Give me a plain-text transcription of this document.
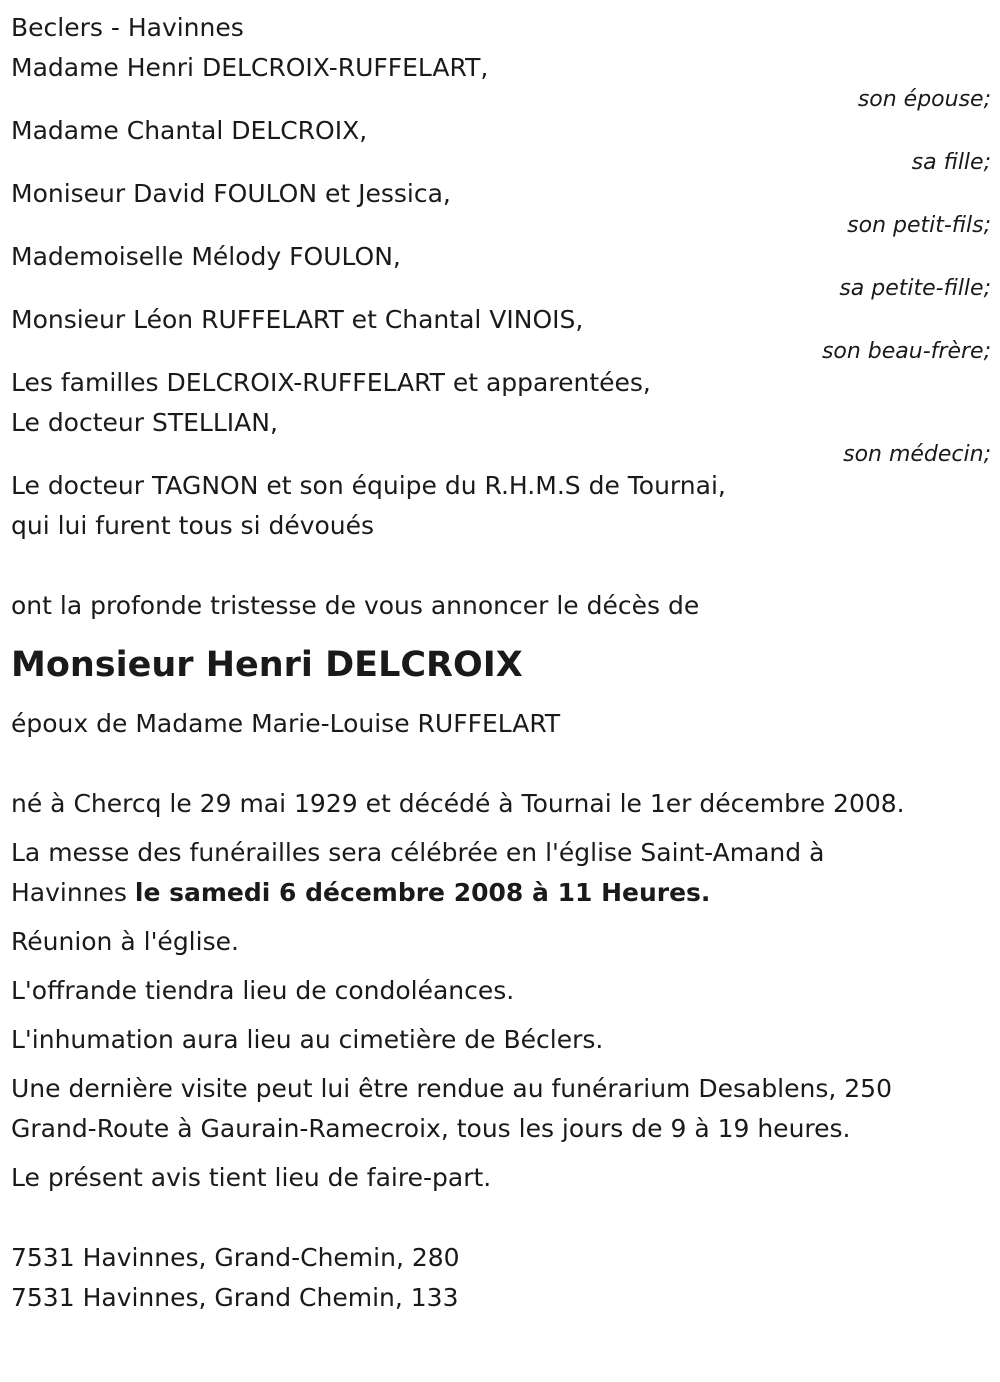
Beclers - Havinnes

Madame Henri DELCROIX-RUFFELART,

son épouse;

Madame Chantal DELCROIX,

sa fille;

Moniseur David FOULON et Jessica,

son petit-fils;

Mademoiselle Mélody FOULON,

sa petite-fille;

Monsieur Léon RUFFELART et Chantal VINOIS,

son beau-frère;

Les familles DELCROIX-RUFFELART et apparentées,

Le docteur STELLIAN,

son médecin;

Le docteur TAGNON et son équipe du R.H.M.S de Tournai,

qui lui furent tous si dévoués

ont la profonde tristesse de vous annoncer le décès de

Monsieur Henri DELCROIX

époux de Madame Marie-Louise RUFFELART

né à Chercq le 29 mai 1929 et décédé à Tournai le 1er décembre 2008.

La messe des funérailles sera célébrée en l'église Saint-Amand à

Havinnes le samedi 6 décembre 2008 à 11 Heures.

Réunion à l'église.

L'offrande tiendra lieu de condoléances.

L'inhumation aura lieu au cimetière de Béclers.

Une dernière visite peut lui être rendue au funérarium Desablens, 250

Grand-Route à Gaurain-Ramecroix, tous les jours de 9 à 19 heures.

Le présent avis tient lieu de faire-part.

7531 Havinnes, Grand-Chemin, 280

7531 Havinnes, Grand Chemin, 133
